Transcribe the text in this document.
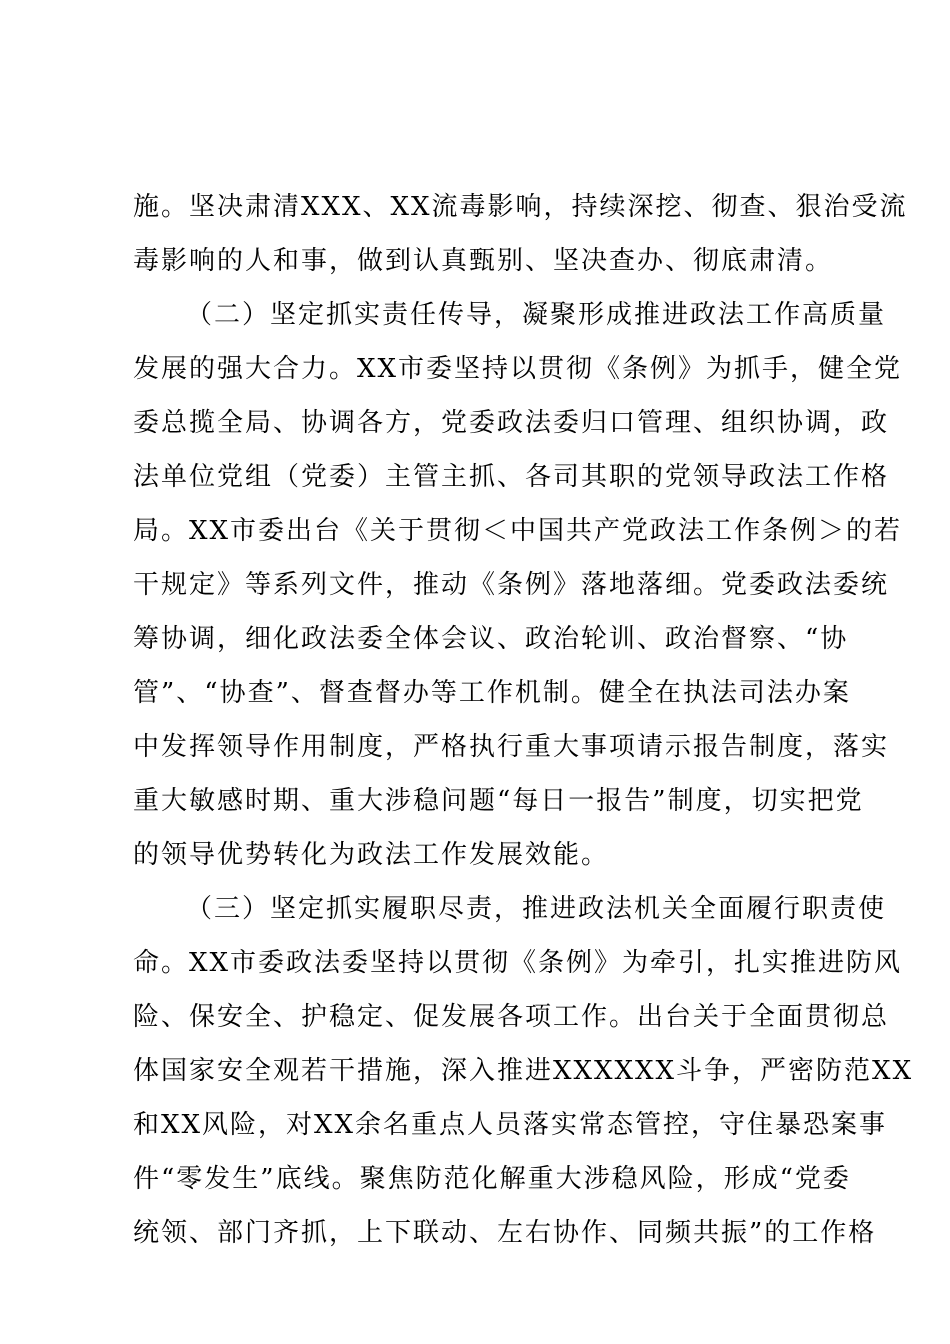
施。坚决肃清XXX、XX流毒影响，持续深挖、彻查、狠治受流
毒影响的人和事，做到认真甄别、坚决查办、彻底肃清。
（二）坚定抓实责任传导，凝聚形成推进政法工作高质量
发展的强大合力。XX市委坚持以贯彻《条例》为抓手，健全党
委总揽全局、协调各方，党委政法委归口管理、组织协调，政
法单位党组（党委）主管主抓、各司其职的党领导政法工作格
局。XX市委出台《关于贯彻＜中国共产党政法工作条例＞的若
干规定》等系列文件，推动《条例》落地落细。党委政法委统
筹协调，细化政法委全体会议、政治轮训、政治督察、“协
管”、“协查”、督查督办等工作机制。健全在执法司法办案
中发挥领导作用制度，严格执行重大事项请示报告制度，落实
重大敏感时期、重大涉稳问题“每日一报告”制度，切实把党
的领导优势转化为政法工作发展效能。
（三）坚定抓实履职尽责，推进政法机关全面履行职责使
命。XX市委政法委坚持以贯彻《条例》为牵引，扎实推进防风
险、保安全、护稳定、促发展各项工作。出台关于全面贯彻总
体国家安全观若干措施，深入推进XXXXXX斗争，严密防范XX
和XX风险，对XX余名重点人员落实常态管控，守住暴恐案事
件“零发生”底线。聚焦防范化解重大涉稳风险，形成“党委
统领、部门齐抓，上下联动、左右协作、同频共振”的工作格
